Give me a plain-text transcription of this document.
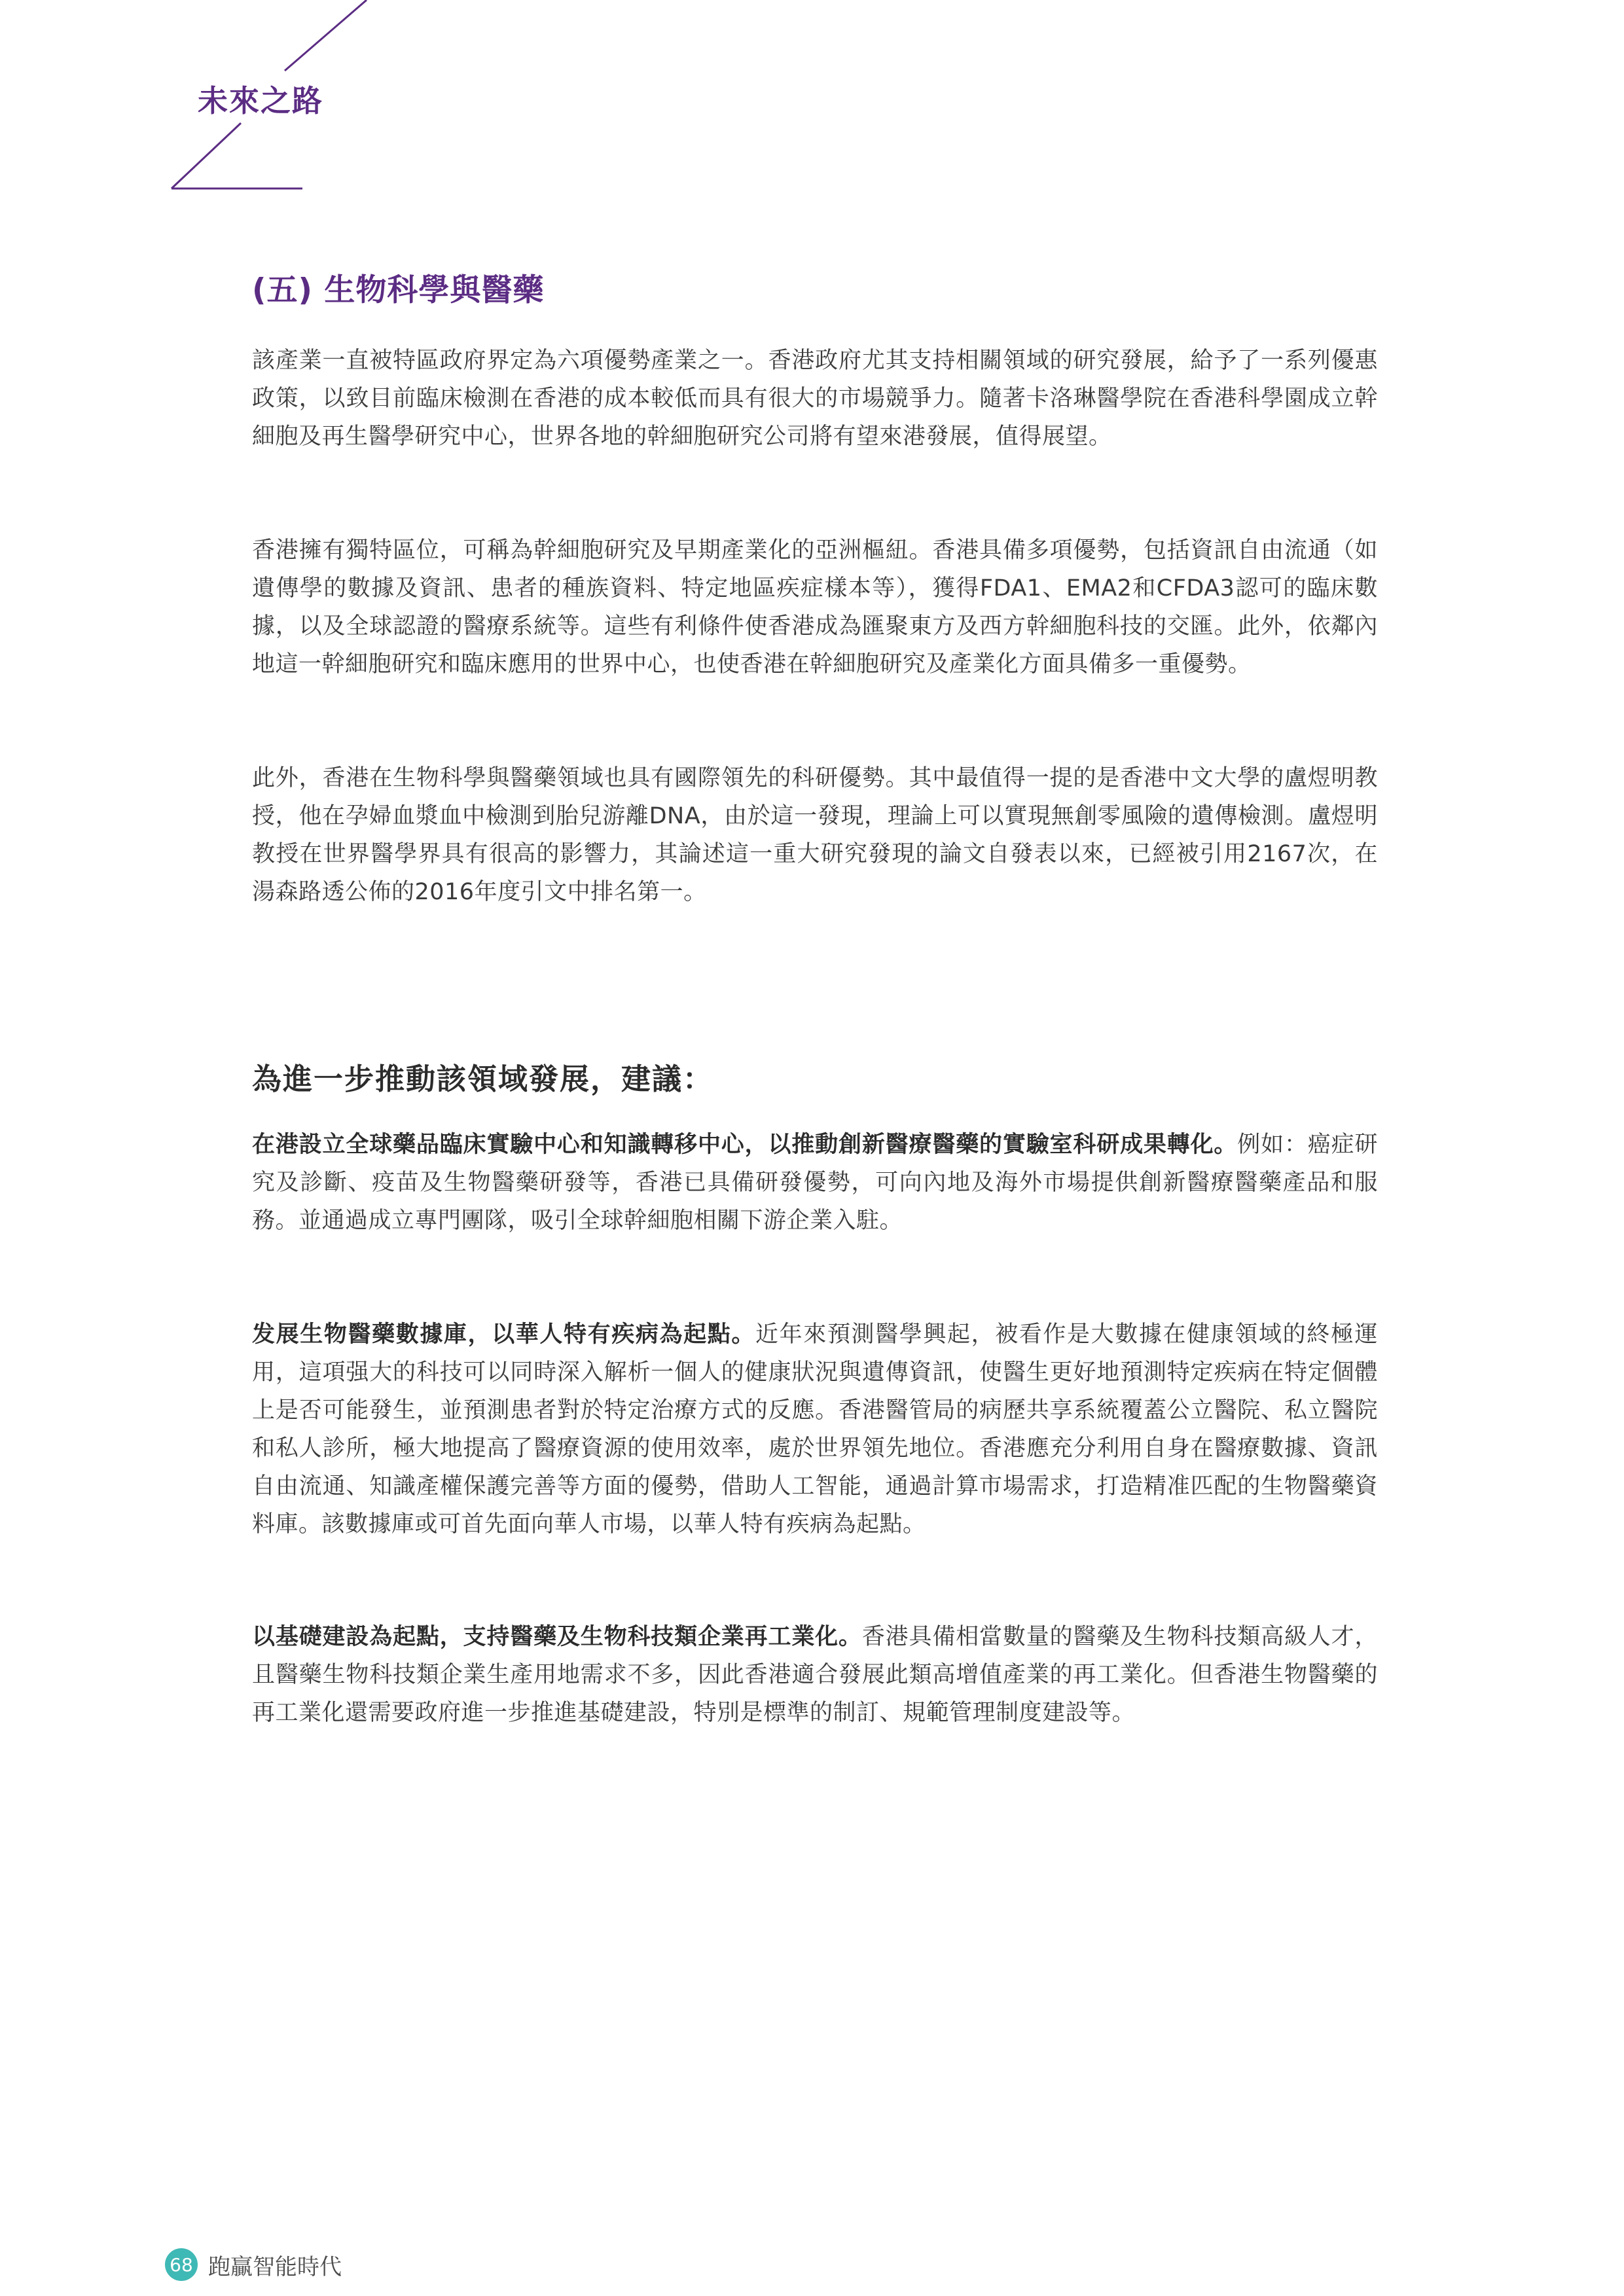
未來之路
(五) 生物科學與醫藥

該產業一直被特區政府界定為六項優勢產業之一。香港政府尤其支持相關領域的研究發展，給予了一系列優惠政策，以致目前臨床檢測在香港的成本較低而具有很大的市場競爭力。隨著卡洛琳醫學院在香港科學園成立幹細胞及再生醫學研究中心，世界各地的幹細胞研究公司將有望來港發展，值得展望。

香港擁有獨特區位，可稱為幹細胞研究及早期產業化的亞洲樞紐。香港具備多項優勢，包括資訊自由流通（如遺傳學的數據及資訊、患者的種族資料、特定地區疾症樣本等），獲得FDA1、EMA2和CFDA3認可的臨床數據，以及全球認證的醫療系統等。這些有利條件使香港成為匯聚東方及西方幹細胞科技的交匯。此外，依鄰內地這一幹細胞研究和臨床應用的世界中心，也使香港在幹細胞研究及產業化方面具備多一重優勢。

此外，香港在生物科學與醫藥領域也具有國際領先的科研優勢。其中最值得一提的是香港中文大學的盧煜明教授，他在孕婦血漿血中檢測到胎兒游離DNA，由於這一發現，理論上可以實現無創零風險的遺傳檢測。盧煜明教授在世界醫學界具有很高的影響力，其論述這一重大研究發現的論文自發表以來，已經被引用2167次，在湯森路透公佈的2016年度引文中排名第一。

為進一步推動該領域發展，建議：

在港設立全球藥品臨床實驗中心和知識轉移中心，以推動創新醫療醫藥的實驗室科研成果轉化。例如：癌症研究及診斷、疫苗及生物醫藥研發等，香港已具備研發優勢，可向內地及海外市場提供創新醫療醫藥產品和服務。並通過成立專門團隊，吸引全球幹細胞相關下游企業入駐。

发展生物醫藥數據庫，以華人特有疾病為起點。近年來預測醫學興起，被看作是大數據在健康領域的終極運用，這項强大的科技可以同時深入解析一個人的健康狀況與遺傳資訊，使醫生更好地預測特定疾病在特定個體上是否可能發生，並預測患者對於特定治療方式的反應。香港醫管局的病歷共享系統覆蓋公立醫院、私立醫院和私人診所，極大地提高了醫療資源的使用效率，處於世界領先地位。香港應充分利用自身在醫療數據、資訊自由流通、知識產權保護完善等方面的優勢，借助人工智能，通過計算市場需求，打造精准匹配的生物醫藥資料庫。該數據庫或可首先面向華人市場，以華人特有疾病為起點。

以基礎建設為起點，支持醫藥及生物科技類企業再工業化。香港具備相當數量的醫藥及生物科技類高級人才，且醫藥生物科技類企業生產用地需求不多，因此香港適合發展此類高增值產業的再工業化。但香港生物醫藥的再工業化還需要政府進一步推進基礎建設，特別是標準的制訂、規範管理制度建設等。

68 跑贏智能時代
